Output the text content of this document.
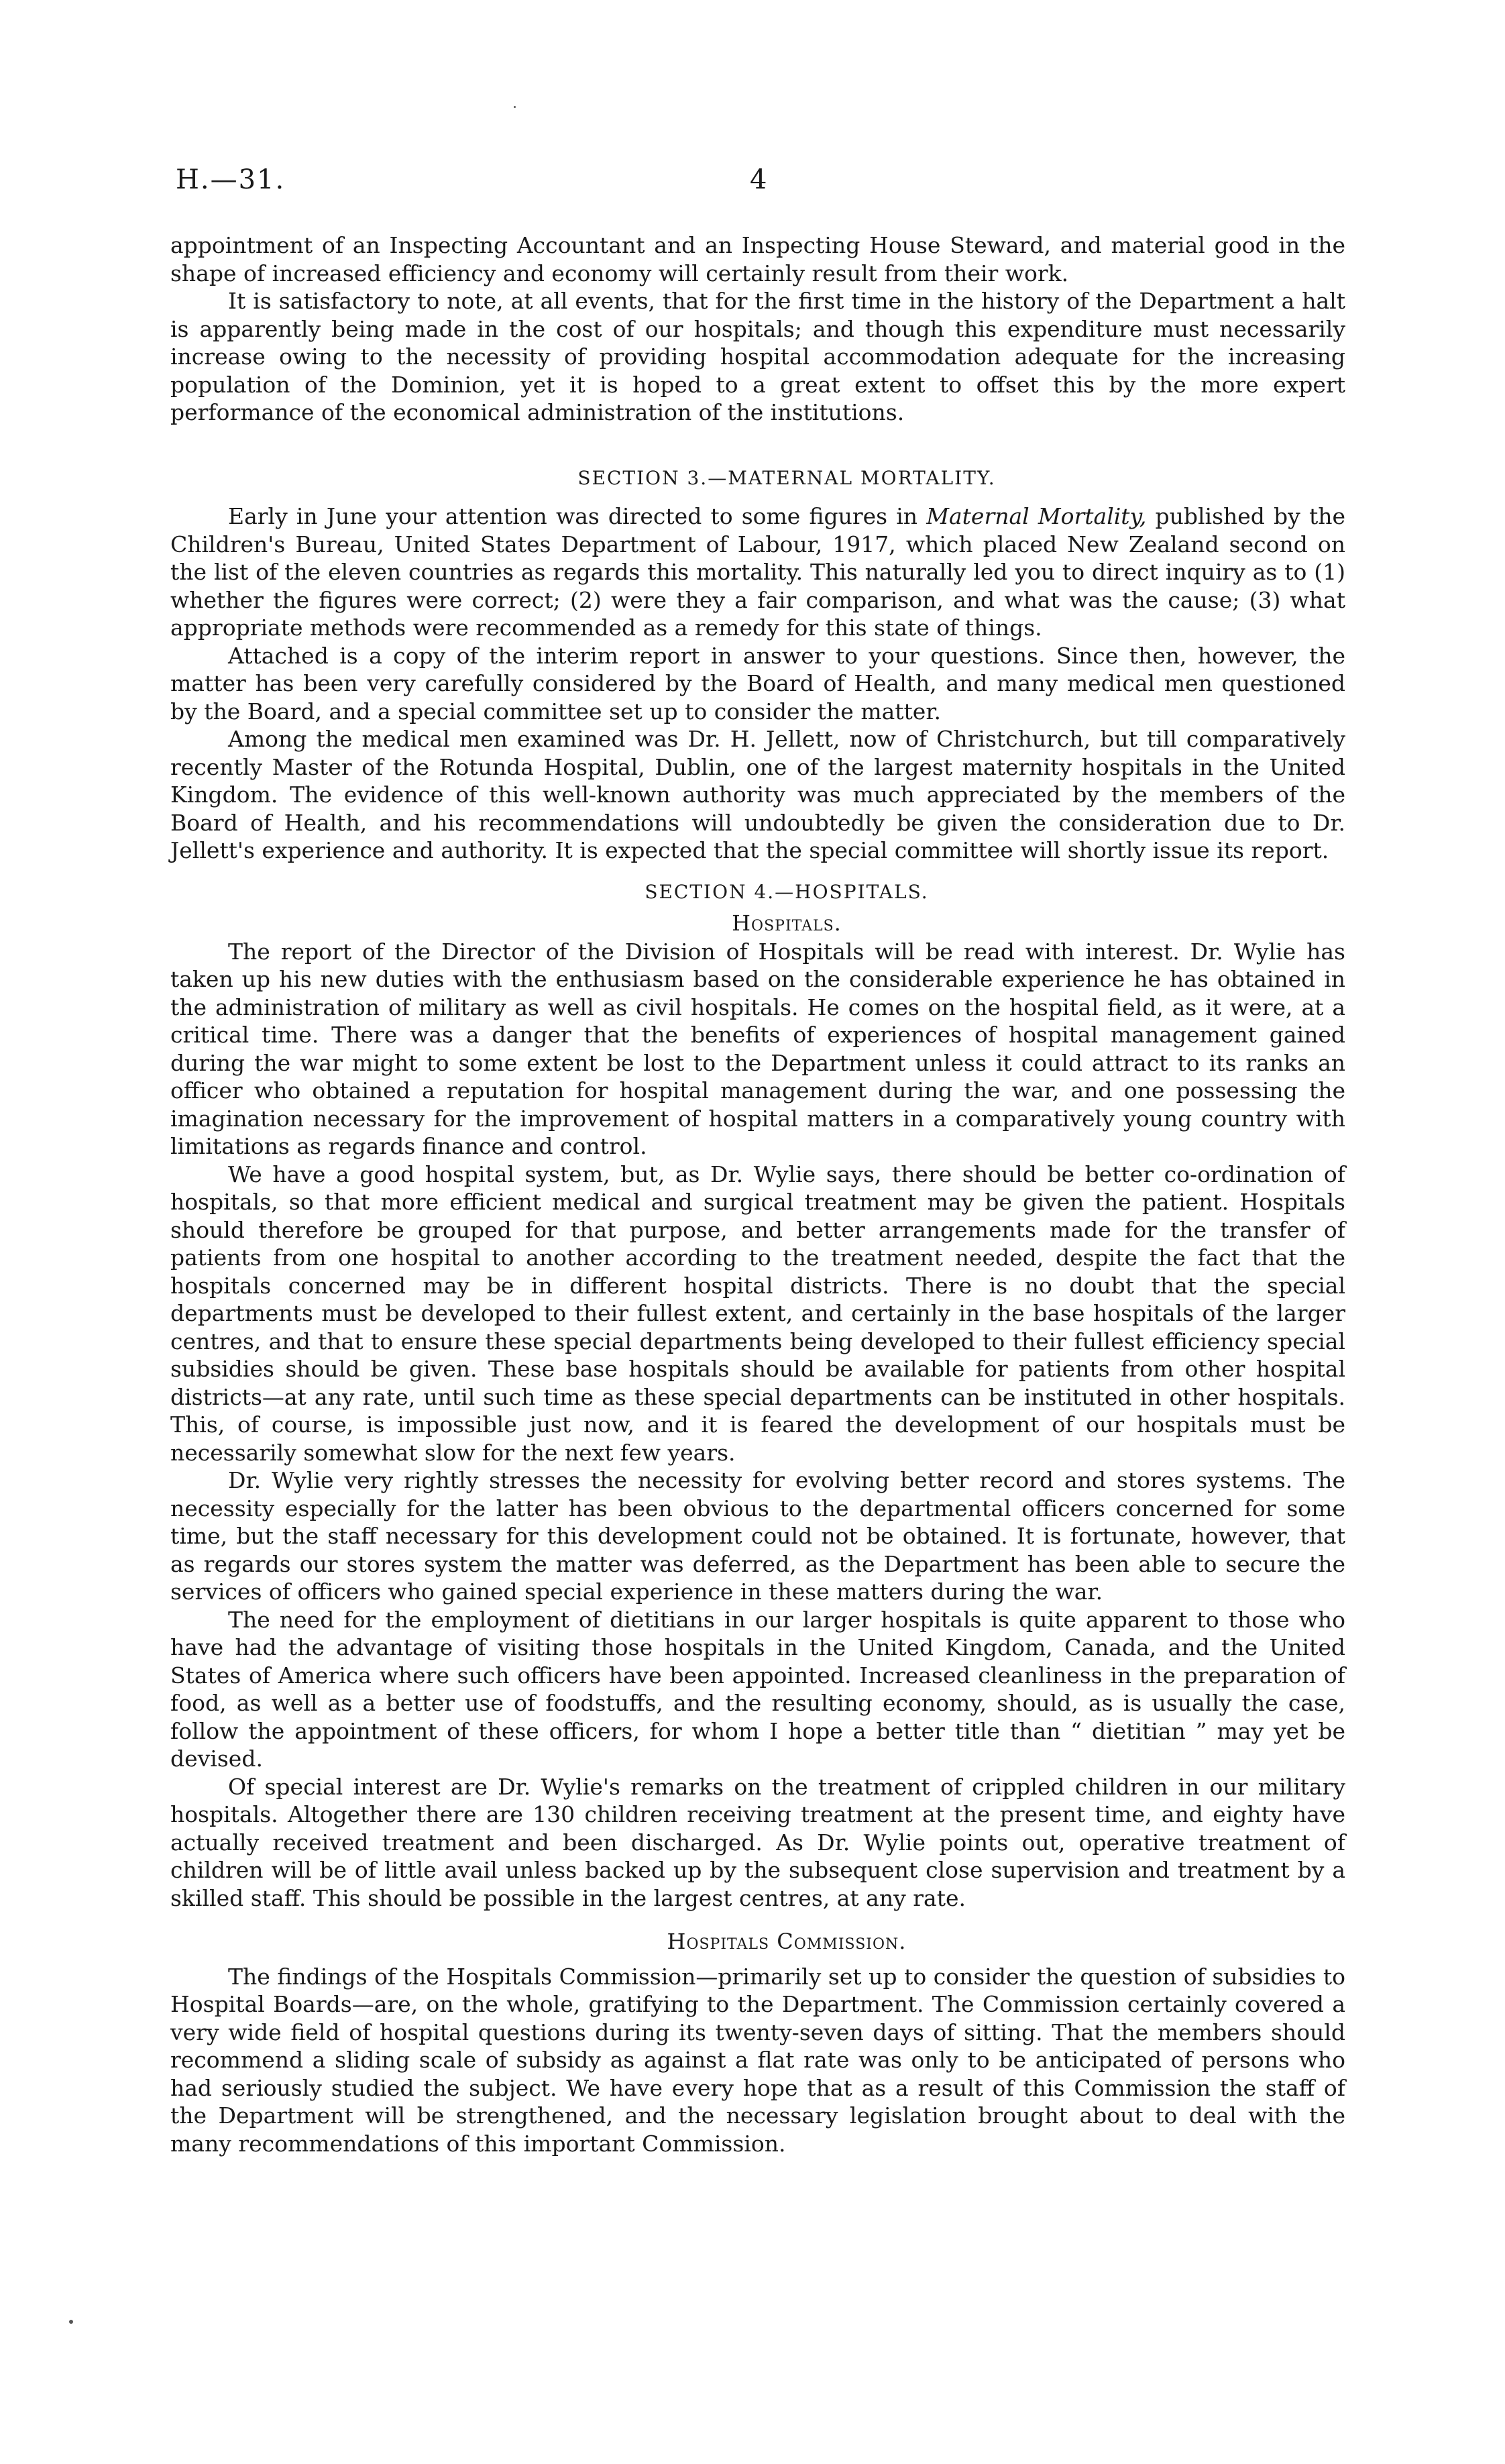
H.—31.	4

appointment of an Inspecting Accountant and an Inspecting House Steward, and material good in the shape of increased efficiency and economy will certainly result from their work.

It is satisfactory to note, at all events, that for the first time in the history of the Department a halt is apparently being made in the cost of our hospitals; and though this expenditure must necessarily increase owing to the necessity of providing hospital accommodation adequate for the increasing population of the Dominion, yet it is hoped to a great extent to offset this by the more expert performance of the economical administration of the institutions.

SECTION 3.—MATERNAL MORTALITY.

Early in June your attention was directed to some figures in Maternal Mortality, published by the Children's Bureau, United States Department of Labour, 1917, which placed New Zealand second on the list of the eleven countries as regards this mortality. This naturally led you to direct inquiry as to (1) whether the figures were correct; (2) were they a fair comparison, and what was the cause; (3) what appropriate methods were recommended as a remedy for this state of things.

Attached is a copy of the interim report in answer to your questions. Since then, however, the matter has been very carefully considered by the Board of Health, and many medical men questioned by the Board, and a special committee set up to consider the matter.

Among the medical men examined was Dr. H. Jellett, now of Christchurch, but till comparatively recently Master of the Rotunda Hospital, Dublin, one of the largest maternity hospitals in the United Kingdom. The evidence of this well-known authority was much appreciated by the members of the Board of Health, and his recommendations will undoubtedly be given the consideration due to Dr. Jellett's experience and authority. It is expected that the special committee will shortly issue its report.

SECTION 4.—HOSPITALS.

Hospitals.

The report of the Director of the Division of Hospitals will be read with interest. Dr. Wylie has taken up his new duties with the enthusiasm based on the considerable experience he has obtained in the administration of military as well as civil hospitals. He comes on the hospital field, as it were, at a critical time. There was a danger that the benefits of experiences of hospital management gained during the war might to some extent be lost to the Department unless it could attract to its ranks an officer who obtained a reputation for hospital management during the war, and one possessing the imagination necessary for the improvement of hospital matters in a comparatively young country with limitations as regards finance and control.

We have a good hospital system, but, as Dr. Wylie says, there should be better co-ordination of hospitals, so that more efficient medical and surgical treatment may be given the patient. Hospitals should therefore be grouped for that purpose, and better arrangements made for the transfer of patients from one hospital to another according to the treatment needed, despite the fact that the hospitals concerned may be in different hospital districts. There is no doubt that the special departments must be developed to their fullest extent, and certainly in the base hospitals of the larger centres, and that to ensure these special departments being developed to their fullest efficiency special subsidies should be given. These base hospitals should be available for patients from other hospital districts—at any rate, until such time as these special departments can be instituted in other hospitals. This, of course, is impossible just now, and it is feared the development of our hospitals must be necessarily somewhat slow for the next few years.

Dr. Wylie very rightly stresses the necessity for evolving better record and stores systems. The necessity especially for the latter has been obvious to the departmental officers concerned for some time, but the staff necessary for this development could not be obtained. It is fortunate, however, that as regards our stores system the matter was deferred, as the Department has been able to secure the services of officers who gained special experience in these matters during the war.

The need for the employment of dietitians in our larger hospitals is quite apparent to those who have had the advantage of visiting those hospitals in the United Kingdom, Canada, and the United States of America where such officers have been appointed. Increased cleanliness in the preparation of food, as well as a better use of foodstuffs, and the resulting economy, should, as is usually the case, follow the appointment of these officers, for whom I hope a better title than “ dietitian ” may yet be devised.

Of special interest are Dr. Wylie's remarks on the treatment of crippled children in our military hospitals. Altogether there are 130 children receiving treatment at the present time, and eighty have actually received treatment and been discharged. As Dr. Wylie points out, operative treatment of children will be of little avail unless backed up by the subsequent close supervision and treatment by a skilled staff. This should be possible in the largest centres, at any rate.

Hospitals Commission.

The findings of the Hospitals Commission—primarily set up to consider the question of subsidies to Hospital Boards—are, on the whole, gratifying to the Department. The Commission certainly covered a very wide field of hospital questions during its twenty-seven days of sitting. That the members should recommend a sliding scale of subsidy as against a flat rate was only to be anticipated of persons who had seriously studied the subject. We have every hope that as a result of this Commission the staff of the Department will be strengthened, and the necessary legislation brought about to deal with the many recommendations of this important Commission.
